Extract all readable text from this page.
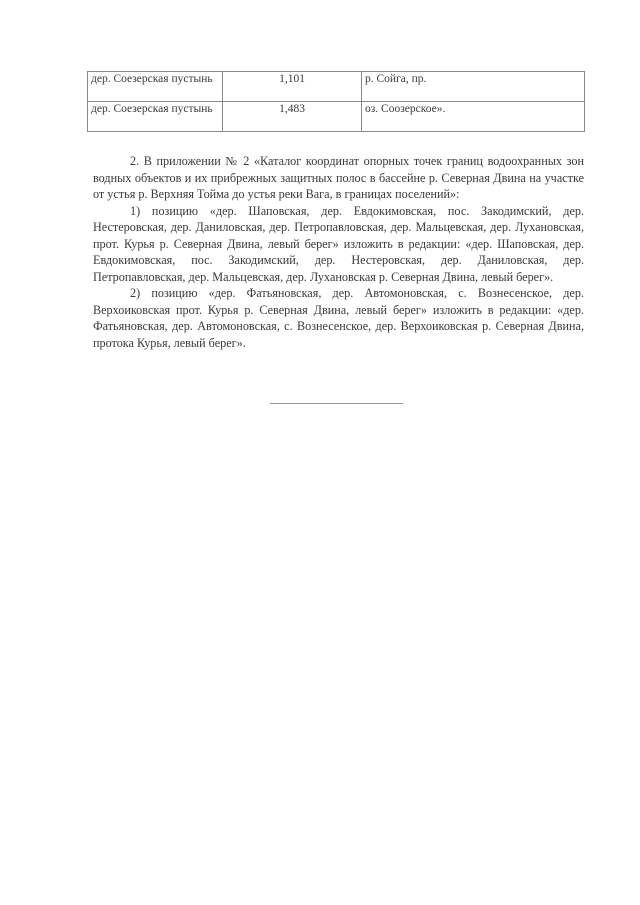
дер. Соезерская пустынь	1,101	р. Сойга, пр.
дер. Соезерская пустынь	1,483	оз. Соозерское».

2. В приложении № 2 «Каталог координат опорных точек границ водоохранных зон водных объектов и их прибрежных защитных полос в бассейне р. Северная Двина на участке от устья р. Верхняя Тойма до устья реки Вага, в границах поселений»:

1) позицию «дер. Шаповская, дер. Евдокимовская, пос. Закодимский, дер. Нестеровская, дер. Даниловская, дер. Петропавловская, дер. Мальцевская, дер. Лухановская, прот. Курья р. Северная Двина, левый берег» изложить в редакции: «дер. Шаповская, дер. Евдокимовская, пос. Закодимский, дер. Нестеровская, дер. Даниловская, дер. Петропавловская, дер. Мальцевская, дер. Лухановская р. Северная Двина, левый берег».

2) позицию «дер. Фатьяновская, дер. Автомоновская, с. Вознесенское, дер. Верхоиковская прот. Курья р. Северная Двина, левый берег» изложить в редакции: «дер. Фатьяновская, дер. Автомоновская, с. Вознесенское, дер. Верхоиковская р. Северная Двина, протока Курья, левый берег».
